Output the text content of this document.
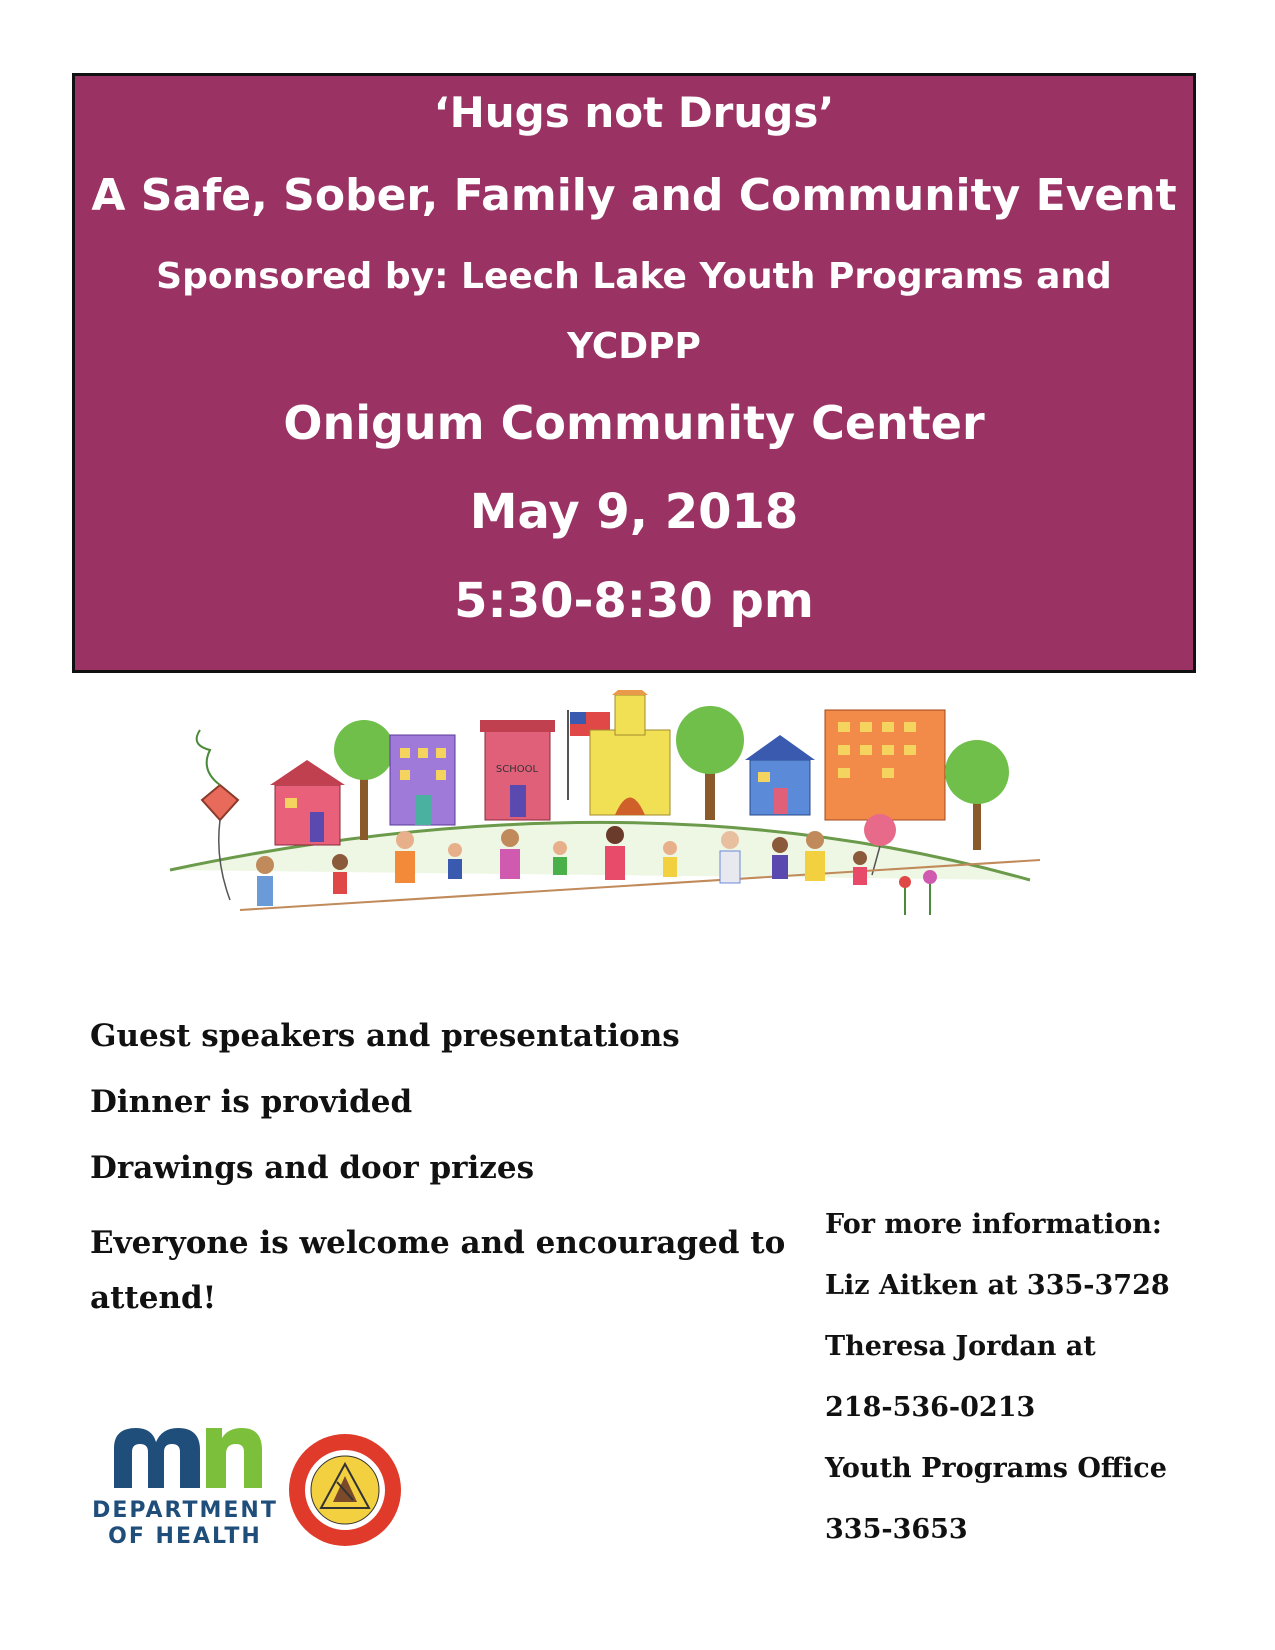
‘Hugs not Drugs’
A Safe, Sober, Family and Community Event
Sponsored by: Leech Lake Youth Programs and
YCDPP
Onigum Community Center
May 9, 2018
5:30-8:30 pm
SCHOOL
Guest speakers and presentations
Dinner is provided
Drawings and door prizes
Everyone is welcome and encouraged to attend!
For more information:
Liz Aitken at 335-3728
Theresa Jordan at
218-536-0213
Youth Programs Office
335-3653
DEPARTMENT
OF HEALTH
